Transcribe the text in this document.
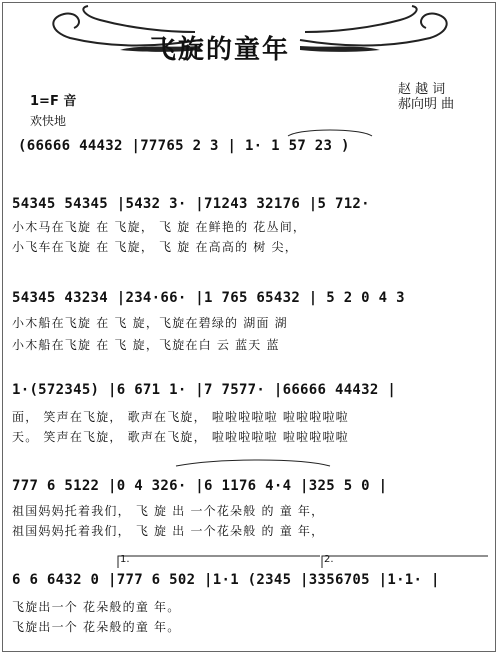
飞旋的童年
赵 越 词
郝向明 曲
1=F 音
欢快地
(66666 44432 |77765 2 3 | 1· 1 57 23 )
54345 54345 |5432 3· |71243 32176 |5 712·
小木马在飞旋 在 飞旋， 飞 旋 在鲜艳的 花丛间，
小飞车在飞旋 在 飞旋， 飞 旋 在高高的 树 尖，
54345 43234 |234·66· |1 765 65432 | 5 2 0 4 3
小木船在飞旋 在 飞 旋，飞旋在碧绿的 湖面 湖
小木船在飞旋 在 飞 旋，飞旋在白 云 蓝天 蓝
1·(572345) |6 671 1· |7 7577· |66666 44432 |
面， 笑声在飞旋， 歌声在飞旋， 啦啦啦啦啦 啦啦啦啦啦
天。 笑声在飞旋， 歌声在飞旋， 啦啦啦啦啦 啦啦啦啦啦
777 6 5122 |0 4 326· |6 1176 4·4 |325 5 0 |
祖国妈妈托着我们， 飞 旋 出 一个花朵般 的 童 年，
祖国妈妈托着我们， 飞 旋 出 一个花朵般 的 童 年，
1.	2.
6 6 6432 0 |777 6 502 |1·1 (2345 |3356705 |1·1· |
飞旋出一个 花朵般的童 年。
飞旋出一个 花朵般的童 年。
